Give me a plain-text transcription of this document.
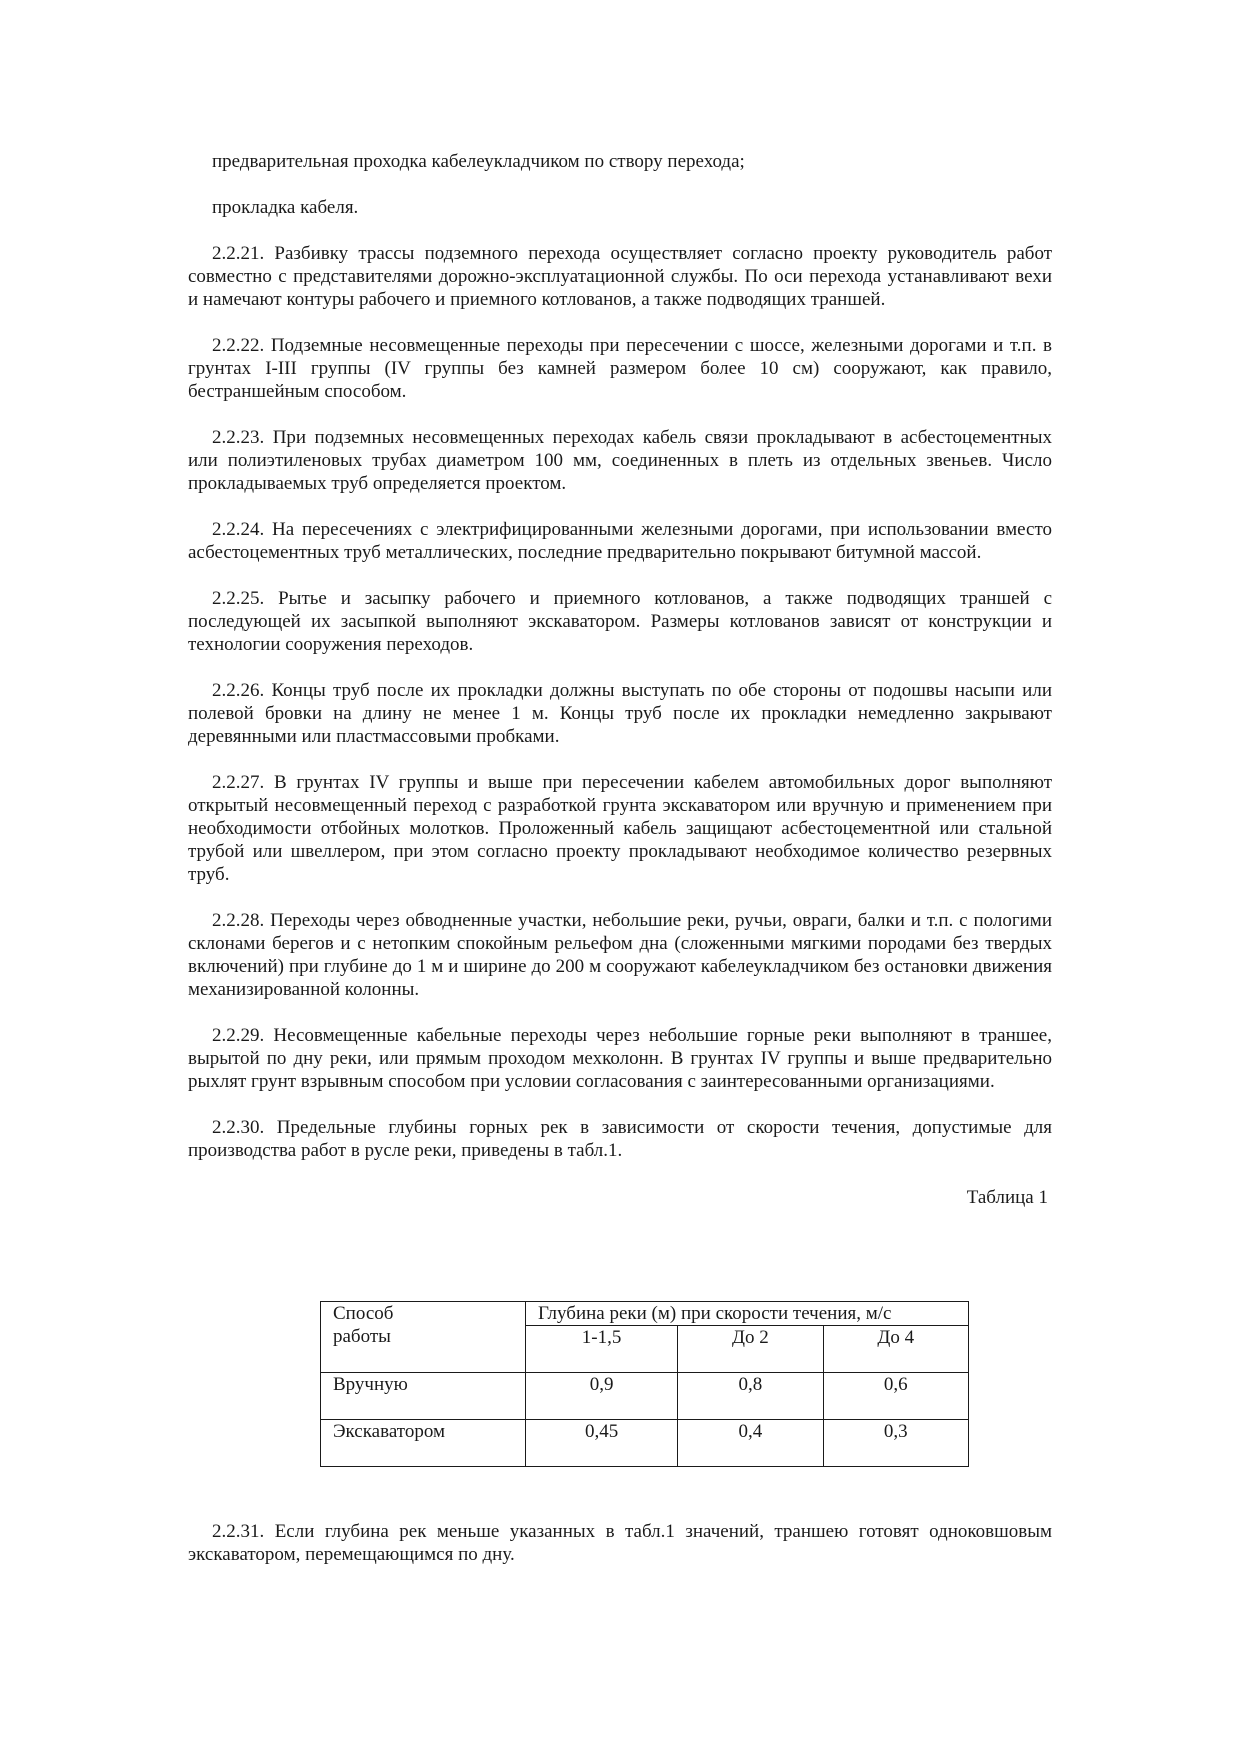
предварительная проходка кабелеукладчиком по створу перехода;

прокладка кабеля.

2.2.21. Разбивку трассы подземного перехода осуществляет согласно проекту руководитель работ совместно с представителями дорожно-эксплуатационной службы. По оси перехода устанавливают вехи и намечают контуры рабочего и приемного котлованов, а также подводящих траншей.

2.2.22. Подземные несовмещенные переходы при пересечении с шоссе, железными дорогами и т.п. в грунтах I-III группы (IV группы без камней размером более 10 см) сооружают, как правило, бестраншейным способом.

2.2.23. При подземных несовмещенных переходах кабель связи прокладывают в асбестоцементных или полиэтиленовых трубах диаметром 100 мм, соединенных в плеть из отдельных звеньев. Число прокладываемых труб определяется проектом.

2.2.24. На пересечениях с электрифицированными железными дорогами, при использовании вместо асбестоцементных труб металлических, последние предварительно покрывают битумной массой.

2.2.25. Рытье и засыпку рабочего и приемного котлованов, а также подводящих траншей с последующей их засыпкой выполняют экскаватором. Размеры котлованов зависят от конструкции и технологии сооружения переходов.

2.2.26. Концы труб после их прокладки должны выступать по обе стороны от подошвы насыпи или полевой бровки на длину не менее 1 м. Концы труб после их прокладки немедленно закрывают деревянными или пластмассовыми пробками.

2.2.27. В грунтах IV группы и выше при пересечении кабелем автомобильных дорог выполняют открытый несовмещенный переход с разработкой грунта экскаватором или вручную и применением при необходимости отбойных молотков. Проложенный кабель защищают асбестоцементной или стальной трубой или швеллером, при этом согласно проекту прокладывают необходимое количество резервных труб.

2.2.28. Переходы через обводненные участки, небольшие реки, ручьи, овраги, балки и т.п. с пологими склонами берегов и с нетопким спокойным рельефом дна (сложенными мягкими породами без твердых включений) при глубине до 1 м и ширине до 200 м сооружают кабелеукладчиком без остановки движения механизированной колонны.

2.2.29. Несовмещенные кабельные переходы через небольшие горные реки выполняют в траншее, вырытой по дну реки, или прямым проходом мехколонн. В грунтах IV группы и выше предварительно рыхлят грунт взрывным способом при условии согласования с заинтересованными организациями.

2.2.30. Предельные глубины горных рек в зависимости от скорости течения, допустимые для производства работ в русле реки, приведены в табл.1.

Таблица 1

Способ
работы	Глубина реки (м) при скорости течения, м/с		
	1-1,5	До 2	До 4
Вручную	0,9	0,8	0,6
Экскаватором	0,45	0,4	0,3

2.2.31. Если глубина рек меньше указанных в табл.1 значений, траншею готовят одноковшовым экскаватором, перемещающимся по дну.
